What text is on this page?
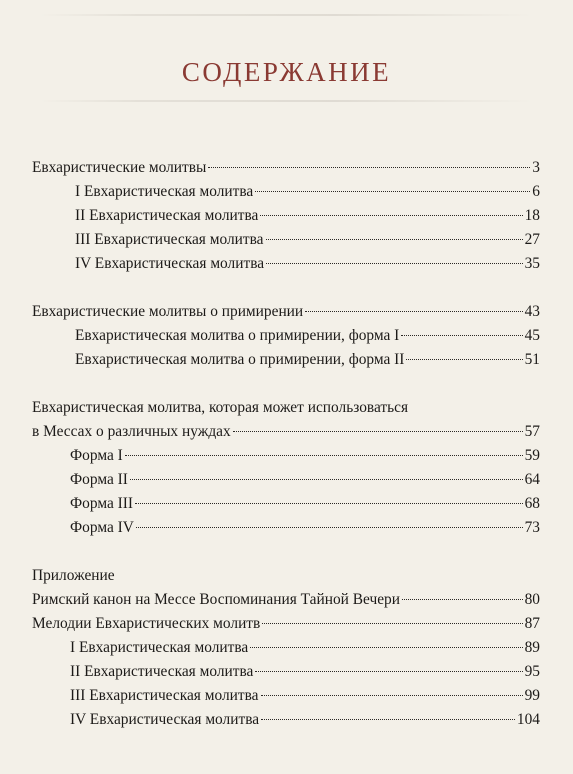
СОДЕРЖАНИЕ
Евхаристические молитвы	3
I Евхаристическая молитва	6
II Евхаристическая молитва	18
III Евхаристическая молитва	27
IV Евхаристическая молитва	35
Евхаристические молитвы о примирении	43
Евхаристическая молитва о примирении, форма I	45
Евхаристическая молитва о примирении, форма II	51
Евхаристическая молитва, которая может использоваться
в Мессах о различных нуждах	57
Форма I	59
Форма II	64
Форма III	68
Форма IV	73
Приложение
Римский канон на Мессе Воспоминания Тайной Вечери	80
Мелодии Евхаристических молитв	87
I Евхаристическая молитва	89
II Евхаристическая молитва	95
III Евхаристическая молитва	99
IV Евхаристическая молитва	104
